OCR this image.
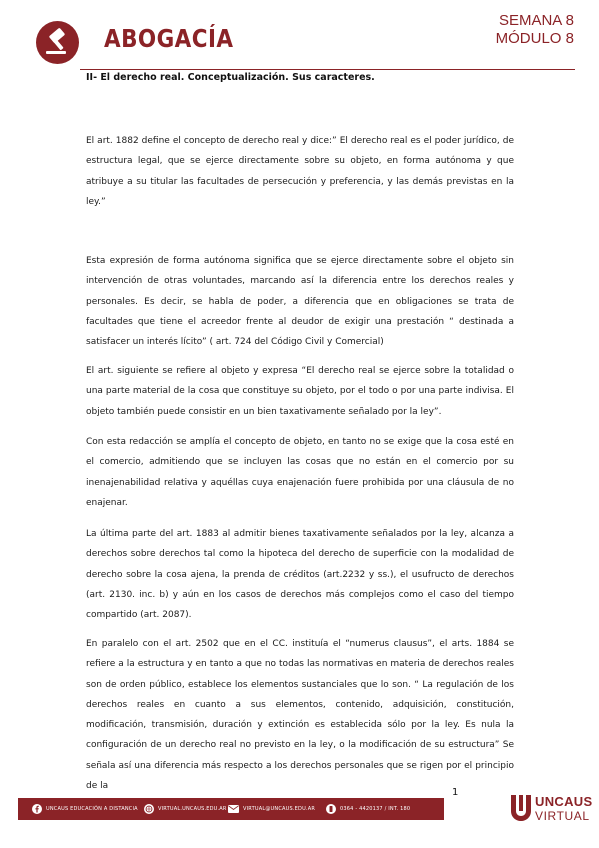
ABOGACÍA
SEMANA 8
MÓDULO 8
II- El derecho real. Conceptualización. Sus caracteres.

El art. 1882 define el concepto de derecho real y dice:” El derecho real es el poder jurídico, de estructura legal, que se ejerce directamente sobre su objeto, en forma autónoma y que atribuye a su titular las facultades de persecución y preferencia, y las demás previstas en la ley.”

Esta expresión de forma autónoma significa que se ejerce directamente sobre el objeto sin intervención de otras voluntades, marcando así la diferencia entre los derechos reales y personales. Es decir, se habla de poder, a diferencia que en obligaciones se trata de facultades que tiene el acreedor frente al deudor de exigir una prestación “ destinada a satisfacer un interés lícito” ( art. 724 del Código Civil y Comercial)

El art. siguiente se refiere al objeto y expresa “El derecho real se ejerce sobre la totalidad o una parte material de la cosa que constituye su objeto, por el todo o por una parte indivisa. El objeto también puede consistir en un bien taxativamente señalado por la ley”.

Con esta redacción se amplía el concepto de objeto, en tanto no se exige que la cosa esté en el comercio, admitiendo que se incluyen las cosas que no están en el comercio por su inenajenabilidad relativa y aquéllas cuya enajenación fuere prohibida por una cláusula de no enajenar.

La última parte del art. 1883 al admitir bienes taxativamente señalados por la ley, alcanza a derechos sobre derechos tal como la hipoteca del derecho de superficie con la modalidad de derecho sobre la cosa ajena, la prenda de créditos (art.2232 y ss.), el usufructo de derechos (art. 2130. inc. b) y aún en los casos de derechos más complejos como el caso del tiempo compartido (art. 2087).

En paralelo con el art. 2502 que en el CC. instituía el “numerus clausus”, el arts. 1884 se refiere a la estructura y en tanto a que no todas las normativas en materia de derechos reales son de orden público, establece los elementos sustanciales que lo son. “ La regulación de los derechos reales en cuanto a sus elementos, contenido, adquisición, constitución, modificación, transmisión, duración y extinción es establecida sólo por la ley. Es nula la configuración de un derecho real no previsto en la ley, o la modificación de su estructura” Se señala así una diferencia más respecto a los derechos personales que se rigen por el principio de la

1
UNCAUS EDUCACIÓN A DISTANCIA	VIRTUAL.UNCAUS.EDU.AR	VIRTUAL@UNCAUS.EDU.AR	0364 - 4420137 / INT. 180	UNCAUS
VIRTUAL
